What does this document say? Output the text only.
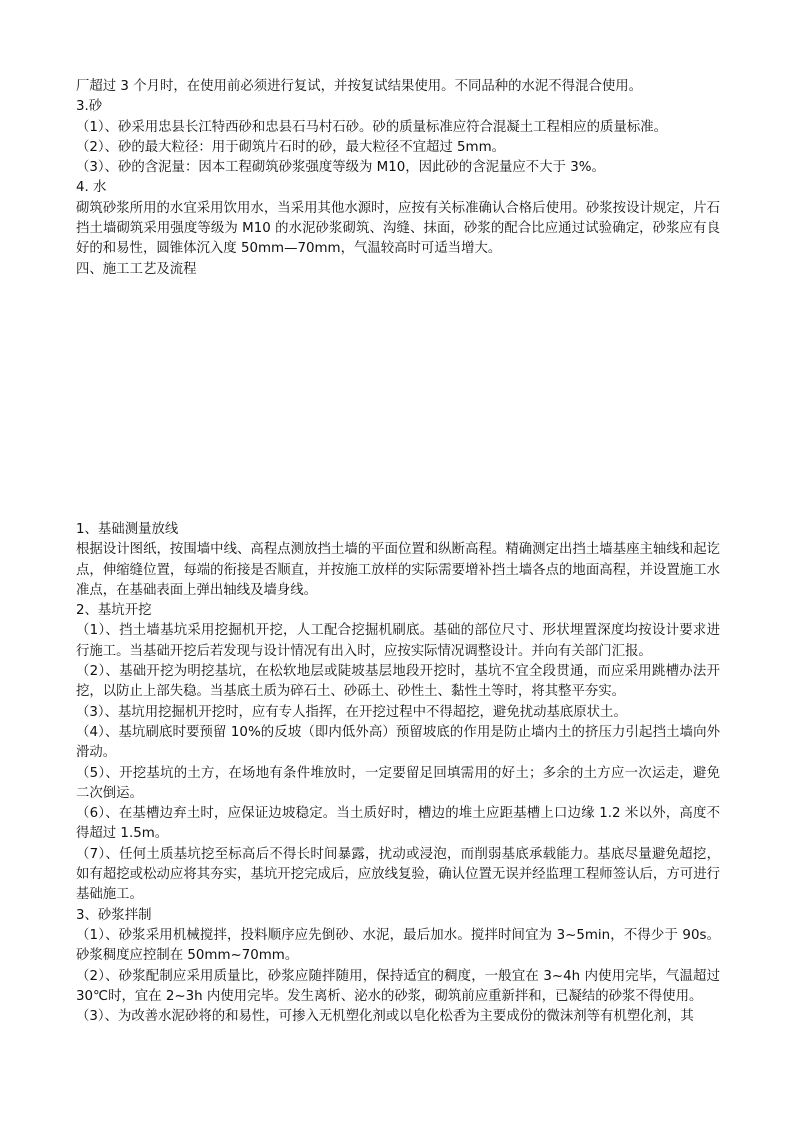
厂超过 3 个月时，在使用前必须进行复试，并按复试结果使用。不同品种的水泥不得混合使用。
3.砂
（1）、砂采用忠县长江特西砂和忠县石马村石砂。砂的质量标准应符合混凝土工程相应的质量标准。
（2）、砂的最大粒径：用于砌筑片石时的砂，最大粒径不宜超过 5mm。
（3）、砂的含泥量：因本工程砌筑砂浆强度等级为 M10，因此砂的含泥量应不大于 3%。
4. 水
砌筑砂浆所用的水宜采用饮用水，当采用其他水源时，应按有关标准确认合格后使用。砂浆按设计规定，片石挡土墙砌筑采用强度等级为 M10 的水泥砂浆砌筑、沟缝、抹面，砂浆的配合比应通过试验确定，砂浆应有良好的和易性，圆锥体沉入度 50mm—70mm，气温较高时可适当增大。
四、施工工艺及流程
1、基础测量放线
根据设计图纸，按围墙中线、高程点测放挡土墙的平面位置和纵断高程。精确测定出挡土墙基座主轴线和起讫点，伸缩缝位置，每端的衔接是否顺直，并按施工放样的实际需要增补挡土墙各点的地面高程，并设置施工水准点，在基础表面上弹出轴线及墙身线。
2、基坑开挖
（1）、挡土墙基坑采用挖掘机开挖，人工配合挖掘机刷底。基础的部位尺寸、形状埋置深度均按设计要求进行施工。当基础开挖后若发现与设计情况有出入时，应按实际情况调整设计。并向有关部门汇报。
（2）、基础开挖为明挖基坑，在松软地层或陡坡基层地段开挖时，基坑不宜全段贯通，而应采用跳槽办法开挖，以防止上部失稳。当基底土质为碎石土、砂砾土、砂性土、黏性土等时，将其整平夯实。
（3）、基坑用挖掘机开挖时，应有专人指挥，在开挖过程中不得超挖，避免扰动基底原状土。
（4）、基坑刷底时要预留 10%的反坡（即内低外高）预留坡底的作用是防止墙内土的挤压力引起挡土墙向外滑动。
（5）、开挖基坑的土方，在场地有条件堆放时，一定要留足回填需用的好土；多余的土方应一次运走，避免二次倒运。
（6）、在基槽边弃土时，应保证边坡稳定。当土质好时，槽边的堆土应距基槽上口边缘 1.2 米以外，高度不得超过 1.5m。
（7）、任何土质基坑挖至标高后不得长时间暴露，扰动或浸泡，而削弱基底承载能力。基底尽量避免超挖，如有超挖或松动应将其夯实，基坑开挖完成后，应放线复验，确认位置无误并经监理工程师签认后，方可进行基础施工。
3、砂浆拌制
（1）、砂浆采用机械搅拌，投料顺序应先倒砂、水泥，最后加水。搅拌时间宜为 3~5min，不得少于 90s。砂浆稠度应控制在 50mm~70mm。
（2）、砂浆配制应采用质量比，砂浆应随拌随用，保持适宜的稠度，一般宜在 3~4h 内使用完毕，气温超过 30℃时，宜在 2~3h 内使用完毕。发生离析、泌水的砂浆，砌筑前应重新拌和，已凝结的砂浆不得使用。
（3）、为改善水泥砂将的和易性，可掺入无机塑化剂或以皂化松香为主要成份的微沫剂等有机塑化剂，其
